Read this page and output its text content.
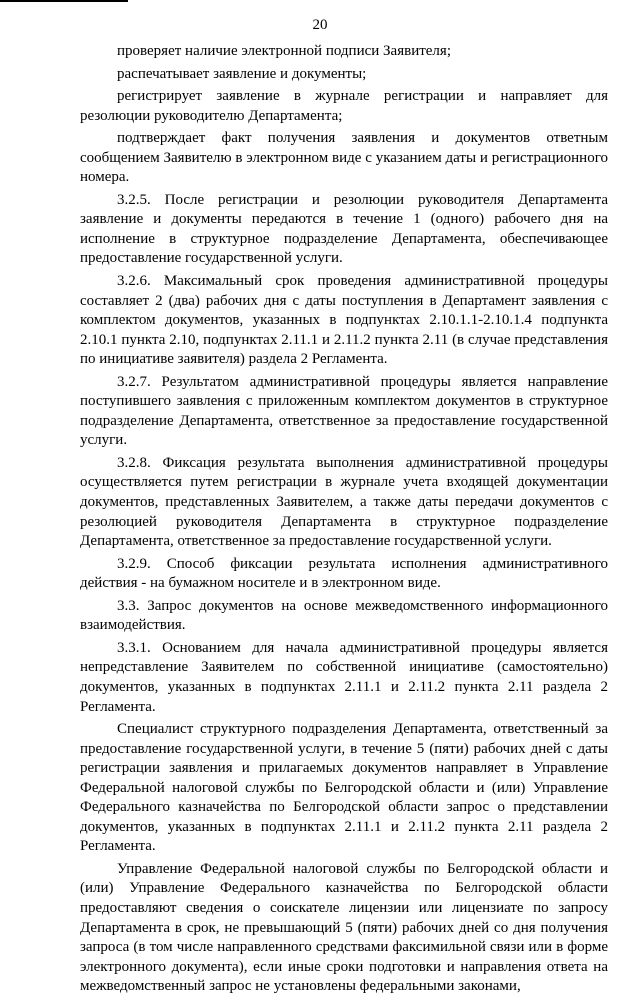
20

проверяет наличие электронной подписи Заявителя;

распечатывает заявление и документы;

регистрирует заявление в журнале регистрации и направляет для резолюции руководителю Департамента;

подтверждает факт получения заявления и документов ответным сообщением Заявителю в электронном виде с указанием даты и регистрационного номера.

3.2.5. После регистрации и резолюции руководителя Департамента заявление и документы передаются в течение 1 (одного) рабочего дня на исполнение в структурное подразделение Департамента, обеспечивающее предоставление государственной услуги.

3.2.6. Максимальный срок проведения административной процедуры составляет 2 (два) рабочих дня с даты поступления в Департамент заявления с комплектом документов, указанных в подпунктах 2.10.1.1-2.10.1.4 подпункта 2.10.1 пункта 2.10, подпунктах 2.11.1 и 2.11.2 пункта 2.11 (в случае представления по инициативе заявителя) раздела 2 Регламента.

3.2.7. Результатом административной процедуры является направление поступившего заявления с приложенным комплектом документов в структурное подразделение Департамента, ответственное за предоставление государственной услуги.

3.2.8. Фиксация результата выполнения административной процедуры осуществляется путем регистрации в журнале учета входящей документации документов, представленных Заявителем, а также даты передачи документов с резолюцией руководителя Департамента в структурное подразделение Департамента, ответственное за предоставление государственной услуги.

3.2.9. Способ фиксации результата исполнения административного действия - на бумажном носителе и в электронном виде.

3.3. Запрос документов на основе межведомственного информационного взаимодействия.

3.3.1. Основанием для начала административной процедуры является непредставление Заявителем по собственной инициативе (самостоятельно) документов, указанных в подпунктах 2.11.1 и 2.11.2 пункта 2.11 раздела 2 Регламента.

Специалист структурного подразделения Департамента, ответственный за предоставление государственной услуги, в течение 5 (пяти) рабочих дней с даты регистрации заявления и прилагаемых документов направляет в Управление Федеральной налоговой службы по Белгородской области и (или) Управление Федерального казначейства по Белгородской области запрос о представлении документов, указанных в подпунктах 2.11.1 и 2.11.2 пункта 2.11 раздела 2 Регламента.

Управление Федеральной налоговой службы по Белгородской области и (или) Управление Федерального казначейства по Белгородской области предоставляют сведения о соискателе лицензии или лицензиате по запросу Департамента в срок, не превышающий 5 (пяти) рабочих дней со дня получения запроса (в том числе направленного средствами факсимильной связи или в форме электронного документа), если иные сроки подготовки и направления ответа на межведомственный запрос не установлены федеральными законами,
